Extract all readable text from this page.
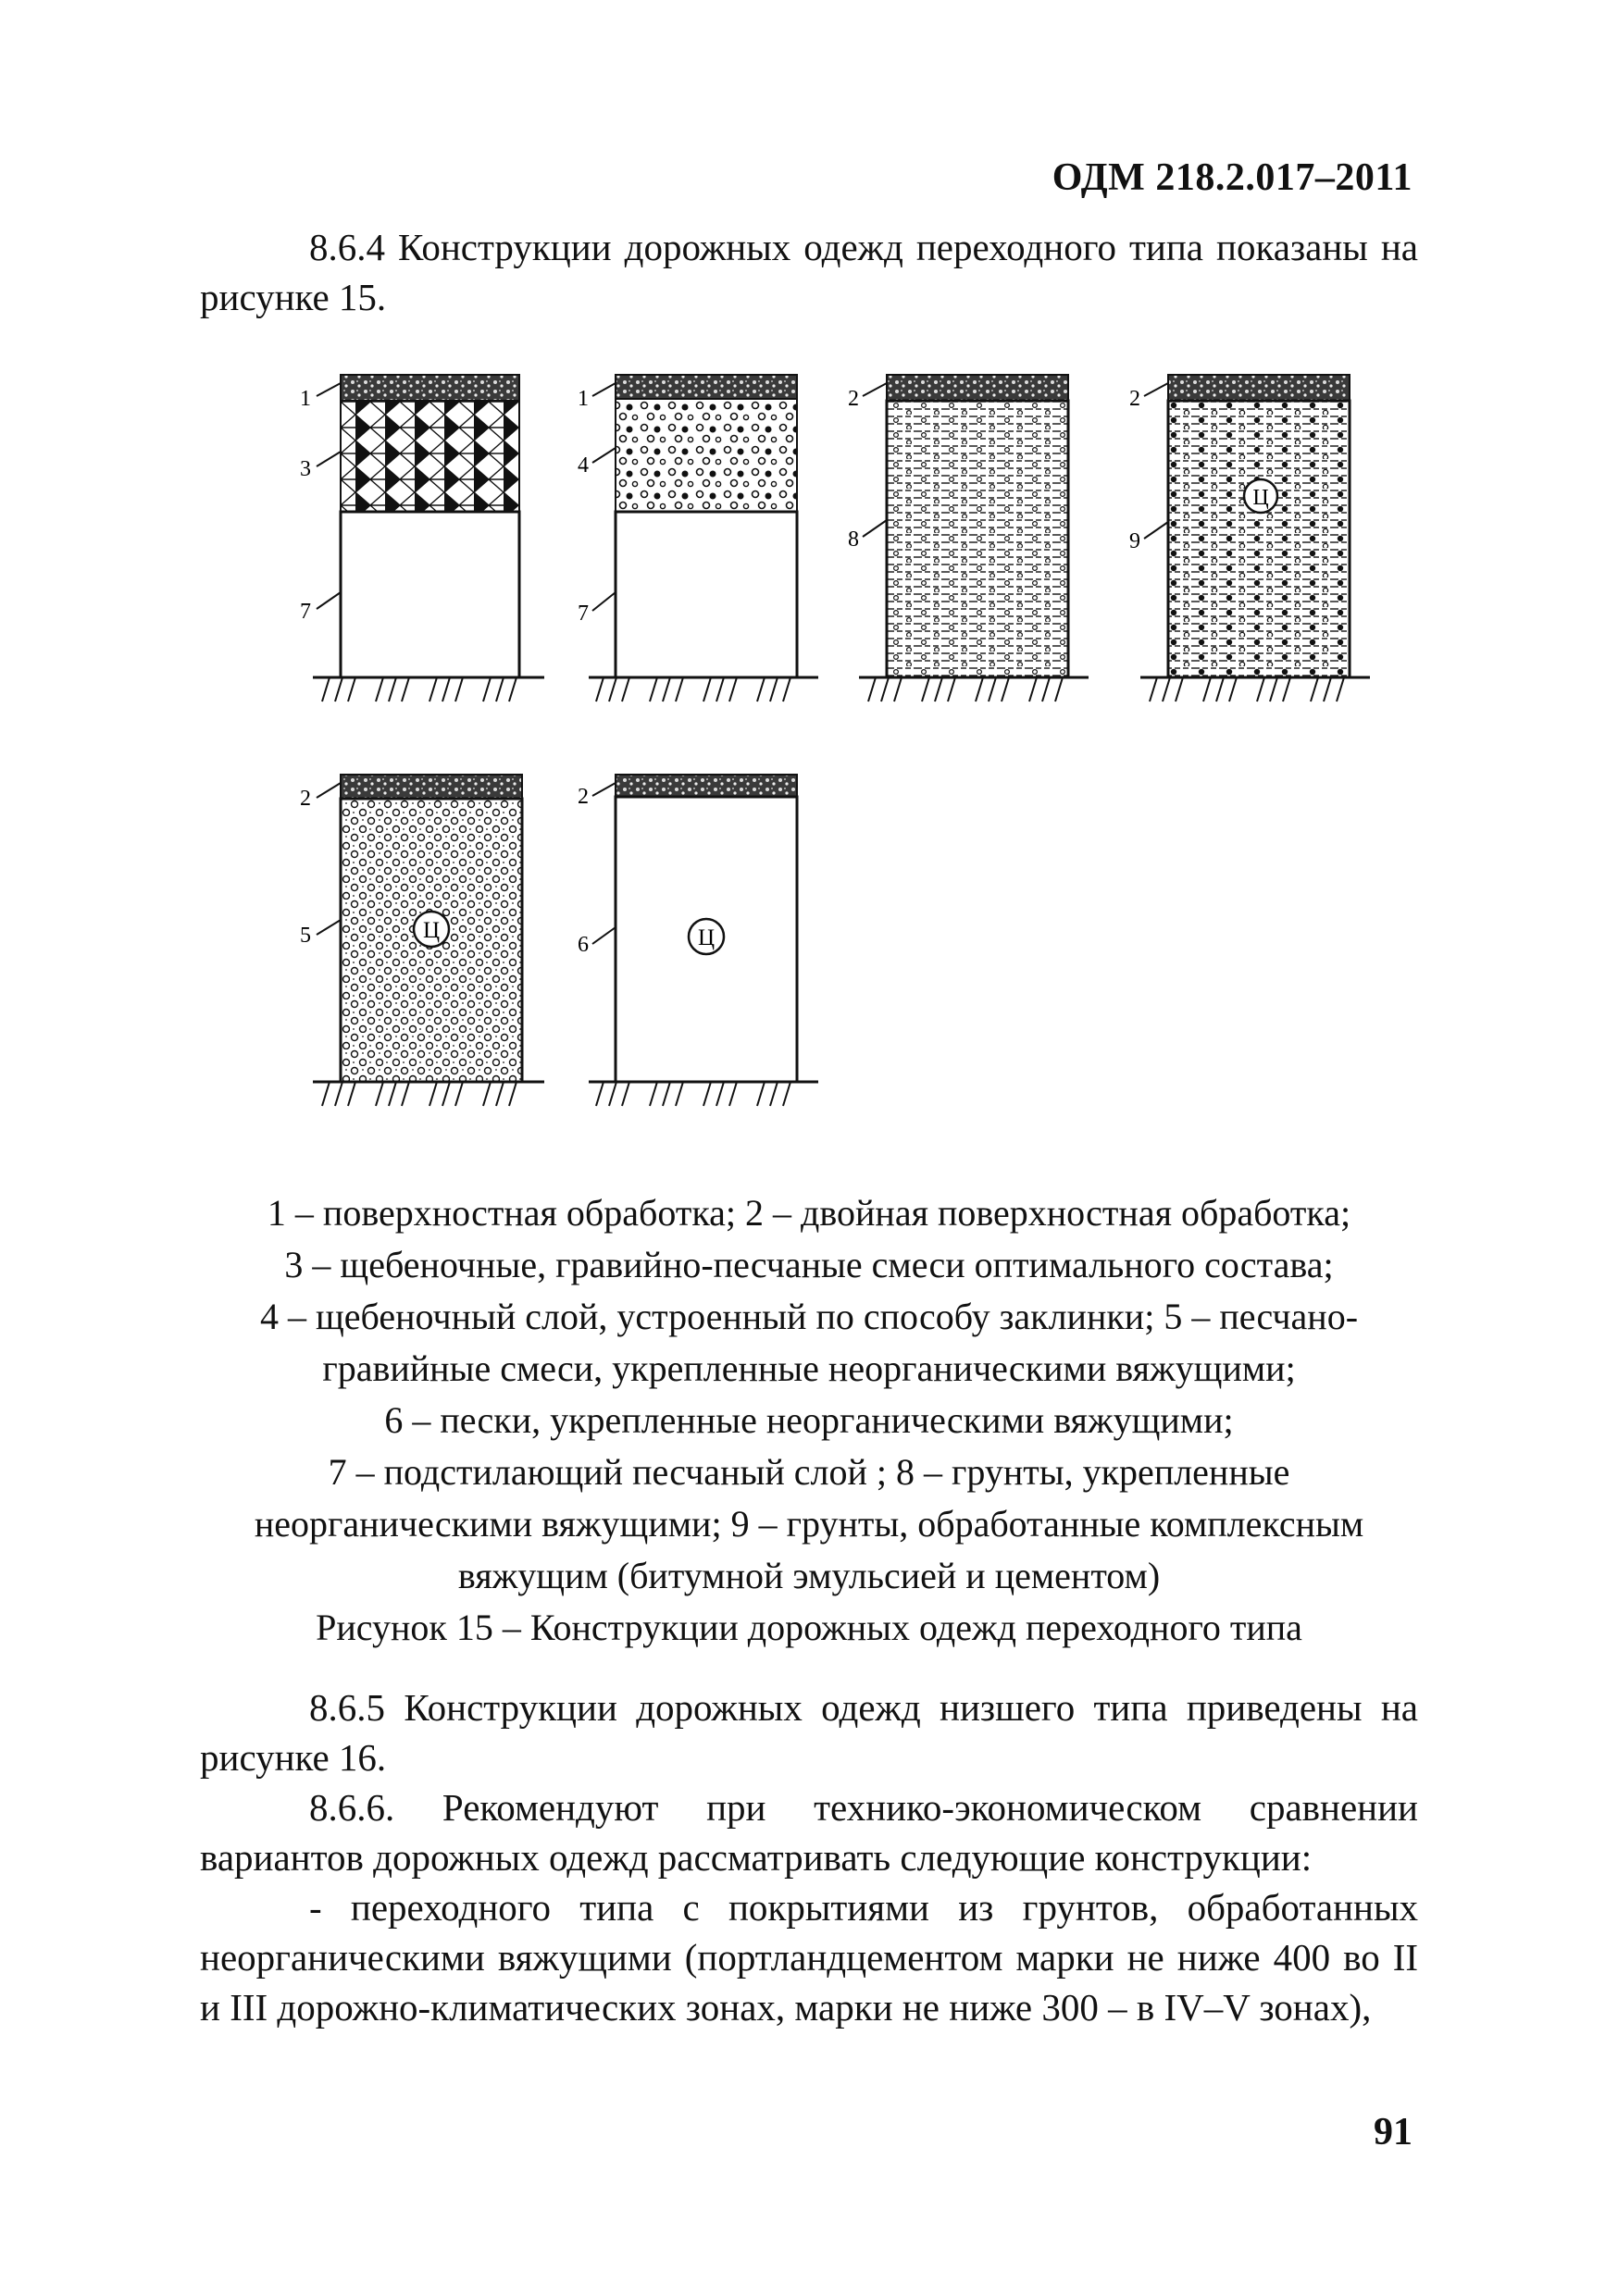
ОДМ 218.2.017–2011
8.6.4 Конструкции дорожных одежд переходного типа показаны на рисунке 15.
1
3
7
1
4
7
2
8
Ц
2
9
Ц
2
5	Ц
2
6
1 – поверхностная обработка; 2 – двойная поверхностная обработка;
3 – щебеночные, гравийно-песчаные смеси оптимального состава;
4 – щебеночный слой, устроенный по способу заклинки; 5 – песчано-
гравийные смеси, укрепленные неорганическими вяжущими;
6 – пески, укрепленные неорганическими вяжущими;
7 – подстилающий песчаный слой ; 8 – грунты, укрепленные
неорганическими вяжущими; 9 – грунты, обработанные комплексным
вяжущим (битумной эмульсией и цементом)
Рисунок 15 – Конструкции дорожных одежд переходного типа
8.6.5 Конструкции дорожных одежд низшего типа приведены на рисунке 16.
8.6.6. Рекомендуют при технико-экономическом сравнении вариантов дорожных одежд рассматривать следующие конструкции:
- переходного типа с покрытиями из грунтов, обработанных неорганическими вяжущими (портландцементом марки не ниже 400 во II и III дорожно-климатических зонах, марки не ниже 300 – в IV–V зонах),
91
